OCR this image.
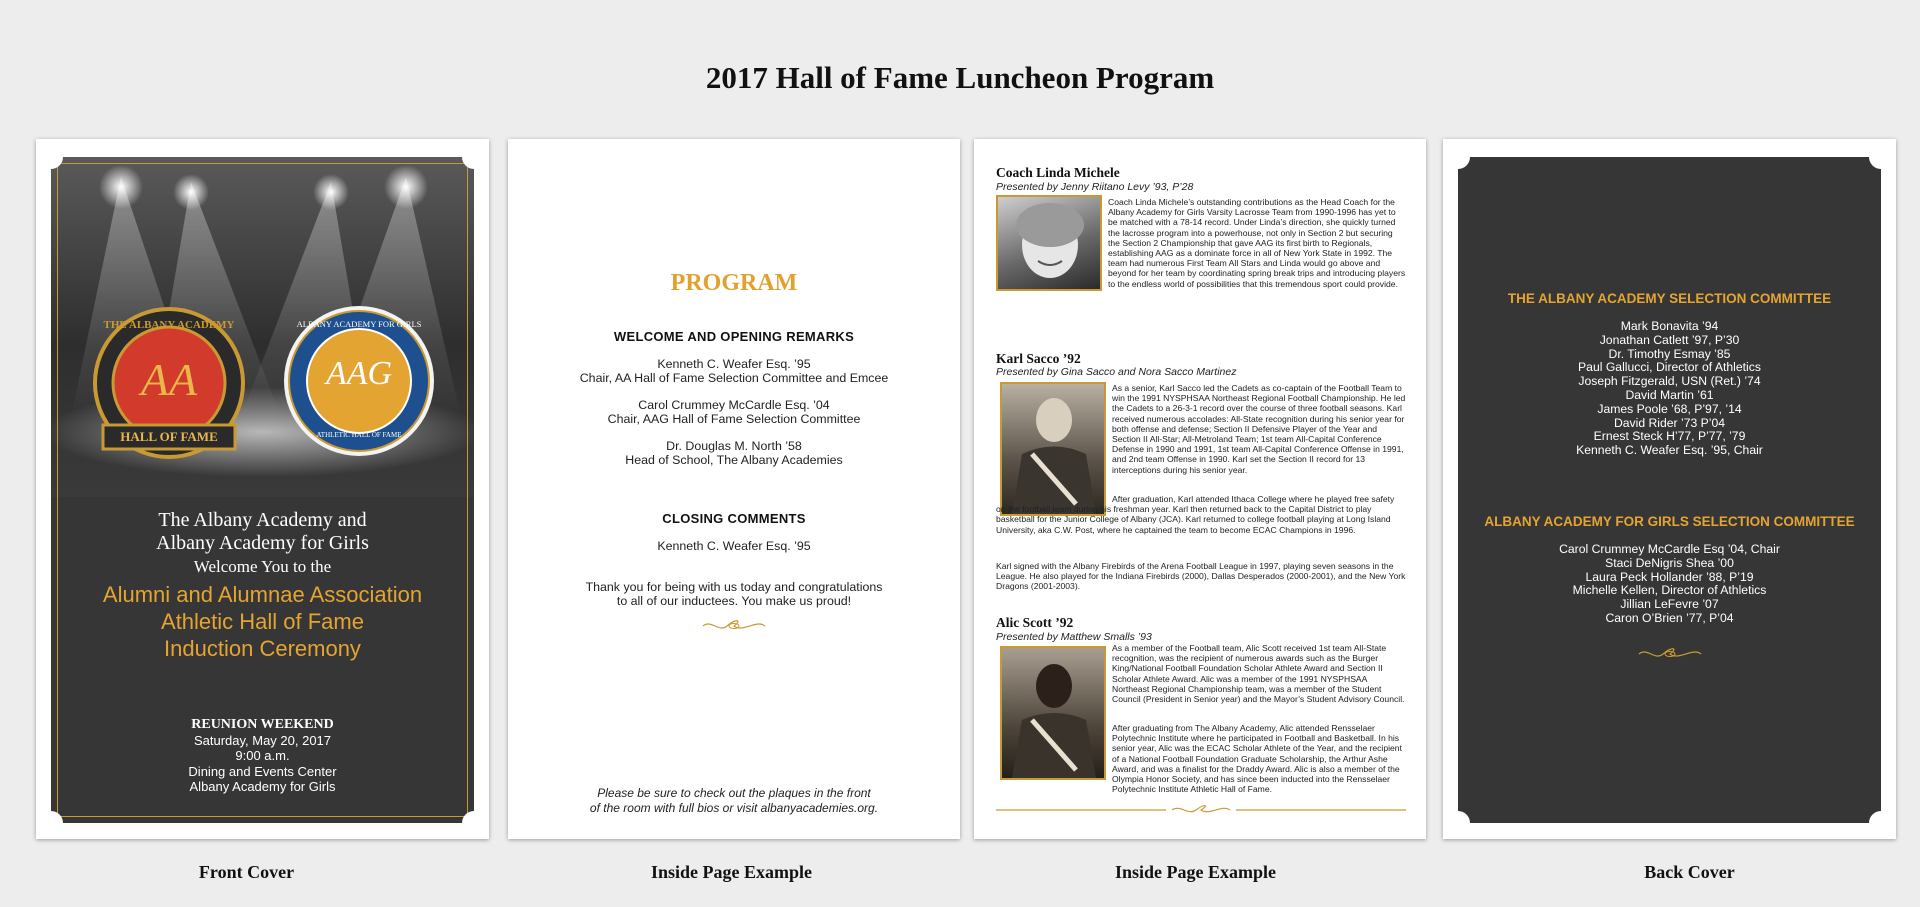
2017 Hall of Fame Luncheon Program
THE ALBANY ACADEMY
AA
HALL OF FAME
ALBANY ACADEMY FOR GIRLS
AAG
ATHLETIC HALL OF FAME
The Albany Academy and
Albany Academy for Girls
Welcome You to the
Alumni and Alumnae Association
Athletic Hall of Fame
Induction Ceremony
REUNION WEEKEND
Saturday, May 20, 2017
9:00 a.m.
Dining and Events Center
Albany Academy for Girls
PROGRAM
WELCOME AND OPENING REMARKS
Kenneth C. Weafer Esq. ’95
Chair, AA Hall of Fame Selection Committee and Emcee
Carol Crummey McCardle Esq. ’04
Chair, AAG Hall of Fame Selection Committee
Dr. Douglas M. North ’58
Head of School, The Albany Academies
CLOSING COMMENTS
Kenneth C. Weafer Esq. ’95
Thank you for being with us today and congratulations
to all of our inductees. You make us proud!
Please be sure to check out the plaques in the front
of the room with full bios or visit albanyacademies.org.
Coach Linda Michele
Presented by Jenny Riitano Levy ’93, P’28
Coach Linda Michele’s outstanding contributions as the Head Coach for the Albany Academy for Girls Varsity Lacrosse Team from 1990-1996 has yet to be matched with a 78-14 record. Under Linda’s direction, she quickly turned the lacrosse program into a powerhouse, not only in Section 2 but securing the Section 2 Championship that gave AAG its first birth to Regionals, establishing AAG as a dominate force in all of New York State in 1992. The team had numerous First Team All Stars and Linda would go above and beyond for her team by coordinating spring break trips and introducing players to the endless world of possibilities that this tremendous sport could provide.
Karl Sacco ’92
Presented by Gina Sacco and Nora Sacco Martinez
As a senior, Karl Sacco led the Cadets as co-captain of the Football Team to win the 1991 NYSPHSAA Northeast Regional Football Championship. He led the Cadets to a 26-3-1 record over the course of three football seasons. Karl received numerous accolades: All-State recognition during his senior year for both offense and defense; Section II Defensive Player of the Year and Section II All-Star; All-Metroland Team; 1st team All-Capital Conference Defense in 1990 and 1991, 1st team All-Capital Conference Offense in 1991, and 2nd team Offense in 1990. Karl set the Section II record for 13 interceptions during his senior year.
After graduation, Karl attended Ithaca College where he played free safety on the football team during his freshman year. Karl then returned back to the Capital District to play basketball for the Junior College of Albany (JCA). Karl returned to college football playing at Long Island University, aka C.W. Post, where he captained the team to become ECAC Champions in 1996.
Karl signed with the Albany Firebirds of the Arena Football League in 1997, playing seven seasons in the League. He also played for the Indiana Firebirds (2000), Dallas Desperados (2000-2001), and the New York Dragons (2001-2003).
Alic Scott ’92
Presented by Matthew Smalls ’93
As a member of the Football team, Alic Scott received 1st team All-State recognition, was the recipient of numerous awards such as the Burger King/National Football Foundation Scholar Athlete Award and Section II Scholar Athlete Award. Alic was a member of the 1991 NYSPHSAA Northeast Regional Championship team, was a member of the Student Council (President in Senior year) and the Mayor’s Student Advisory Council.
After graduating from The Albany Academy, Alic attended Rensselaer Polytechnic Institute where he participated in Football and Basketball. In his senior year, Alic was the ECAC Scholar Athlete of the Year, and the recipient of a National Football Foundation Graduate Scholarship, the Arthur Ashe Award, and was a finalist for the Draddy Award. Alic is also a member of the Olympia Honor Society, and has since been inducted into the Rensselaer Polytechnic Institute Athletic Hall of Fame.
THE ALBANY ACADEMY SELECTION COMMITTEE
Mark Bonavita ’94
Jonathan Catlett ’97, P’30
Dr. Timothy Esmay ’85
Paul Gallucci, Director of Athletics
Joseph Fitzgerald, USN (Ret.) ’74
David Martin ’61
James Poole ’68, P’97, ’14
David Rider ’73 P’04
Ernest Steck H’77, P’77, ’79
Kenneth C. Weafer Esq. ’95, Chair
ALBANY ACADEMY FOR GIRLS SELECTION COMMITTEE
Carol Crummey McCardle Esq ’04, Chair
Staci DeNigris Shea ’00
Laura Peck Hollander ’88, P’19
Michelle Kellen, Director of Athletics
Jillian LeFevre ’07
Caron O’Brien ’77, P’04
Front Cover	Inside Page Example	Inside Page Example	Back Cover
